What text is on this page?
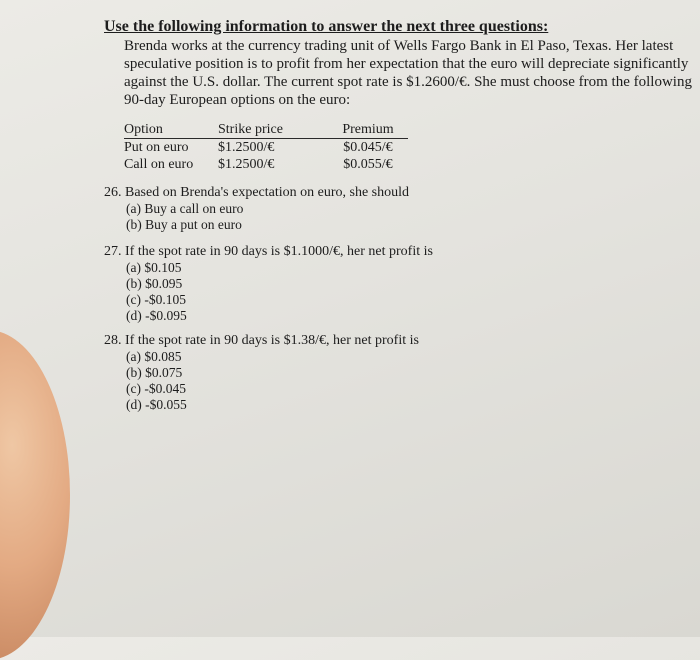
Use the following information to answer the next three questions:

Brenda works at the currency trading unit of Wells Fargo Bank in El Paso, Texas. Her latest
speculative position is to profit from her expectation that the euro will depreciate significantly
against the U.S. dollar. The current spot rate is $1.2600/€. She must choose from the following
90-day European options on the euro:

Option	Strike price	Premium
Put on euro	$1.2500/€	$0.045/€
Call on euro	$1.2500/€	$0.055/€
26. Based on Brenda's expectation on euro, she should
(a) Buy a call on euro
(b) Buy a put on euro
27. If the spot rate in 90 days is $1.1000/€, her net profit is
(a) $0.105
(b) $0.095
(c) -$0.105
(d) -$0.095
28. If the spot rate in 90 days is $1.38/€, her net profit is
(a) $0.085
(b) $0.075
(c) -$0.045
(d) -$0.055
